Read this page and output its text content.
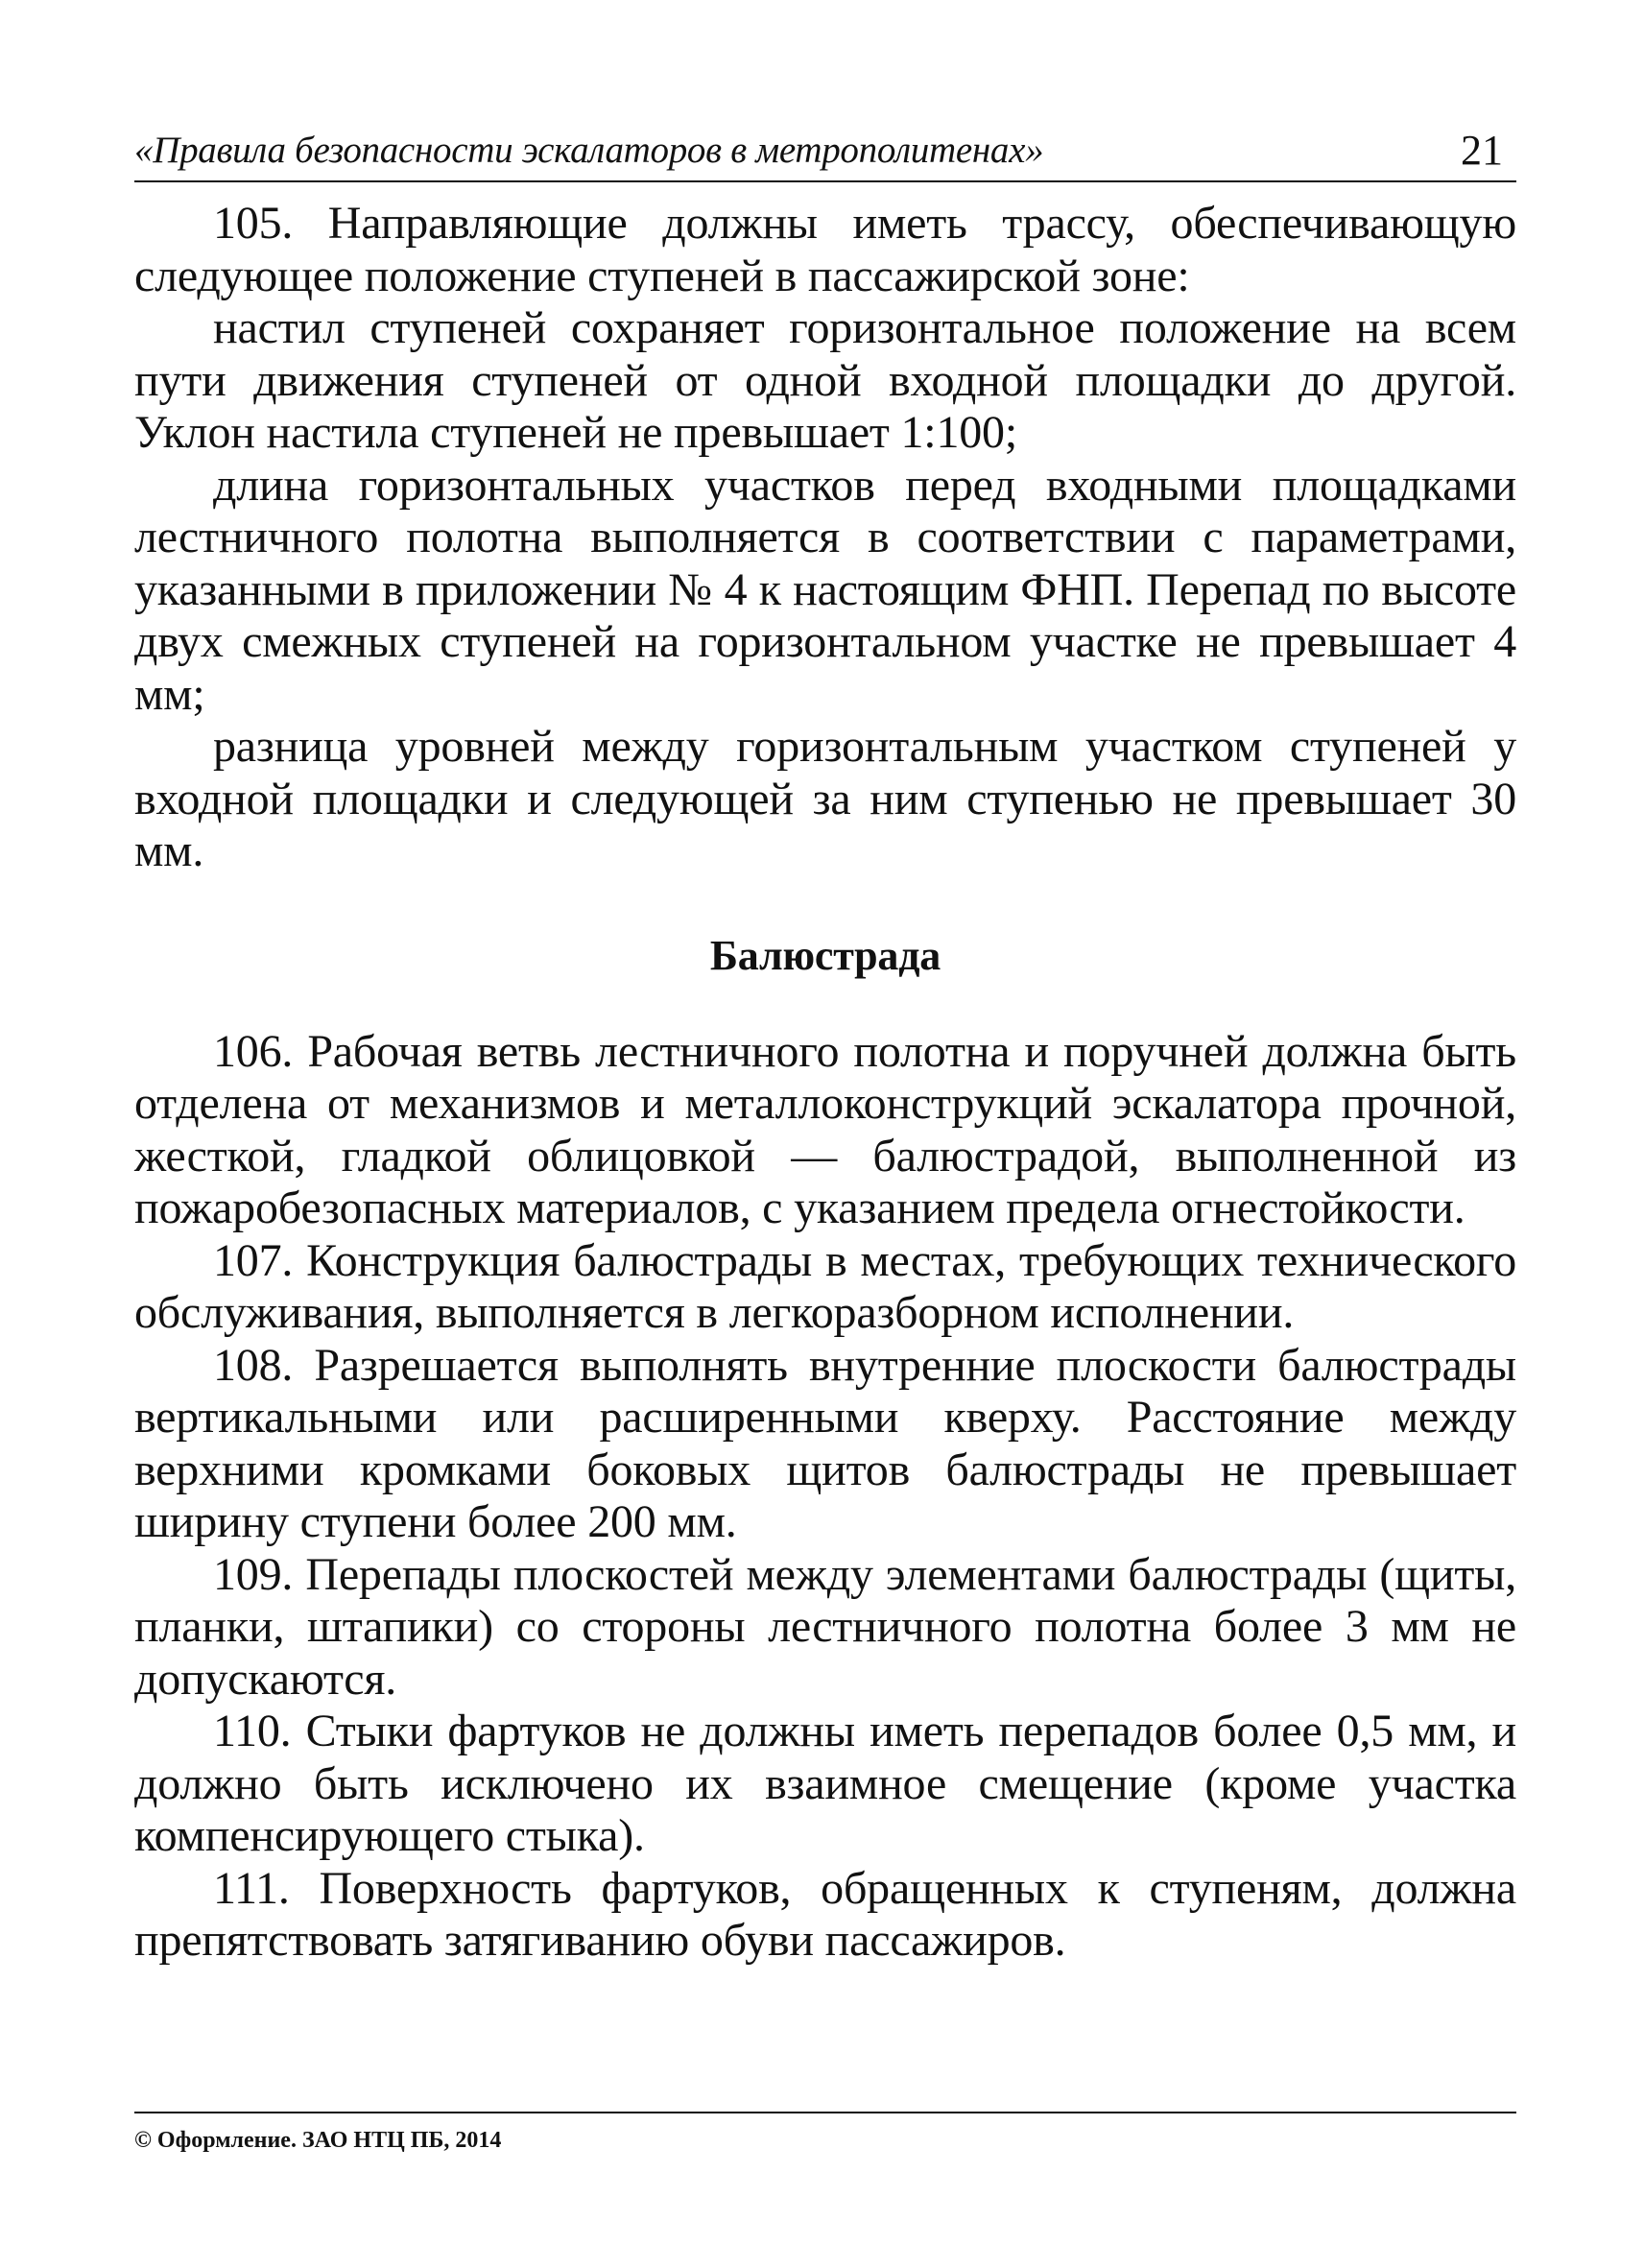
«Правила безопасности эскалаторов в метрополитенах»	21

105. Направляющие должны иметь трассу, обеспечивающую следующее положение ступеней в пассажирской зоне:

настил ступеней сохраняет горизонтальное положение на всем пути движения ступеней от одной входной площадки до другой. Уклон настила ступеней не превышает 1:100;

длина горизонтальных участков перед входными площадками лестничного полотна выполняется в соответствии с параметрами, указанными в приложении № 4 к настоящим ФНП. Перепад по высоте двух смежных ступеней на горизонтальном участке не превышает 4 мм;

разница уровней между горизонтальным участком ступеней у входной площадки и следующей за ним ступенью не превышает 30 мм.

Балюстрада

106. Рабочая ветвь лестничного полотна и поручней должна быть отделена от механизмов и металлоконструкций эскалатора прочной, жесткой, гладкой облицовкой — балюстрадой, выполненной из пожаробезопасных материалов, с указанием предела огнестойкости.

107. Конструкция балюстрады в местах, требующих технического обслуживания, выполняется в легкоразборном исполнении.

108. Разрешается выполнять внутренние плоскости балюстрады вертикальными или расширенными кверху. Расстояние между верхними кромками боковых щитов балюстрады не превышает ширину ступени более 200 мм.

109. Перепады плоскостей между элементами балюстрады (щиты, планки, штапики) со стороны лестничного полотна более 3 мм не допускаются.

110. Стыки фартуков не должны иметь перепадов более 0,5 мм, и должно быть исключено их взаимное смещение (кроме участка компенсирующего стыка).

111. Поверхность фартуков, обращенных к ступеням, должна препятствовать затягиванию обуви пассажиров.

© Оформление. ЗАО НТЦ ПБ, 2014
